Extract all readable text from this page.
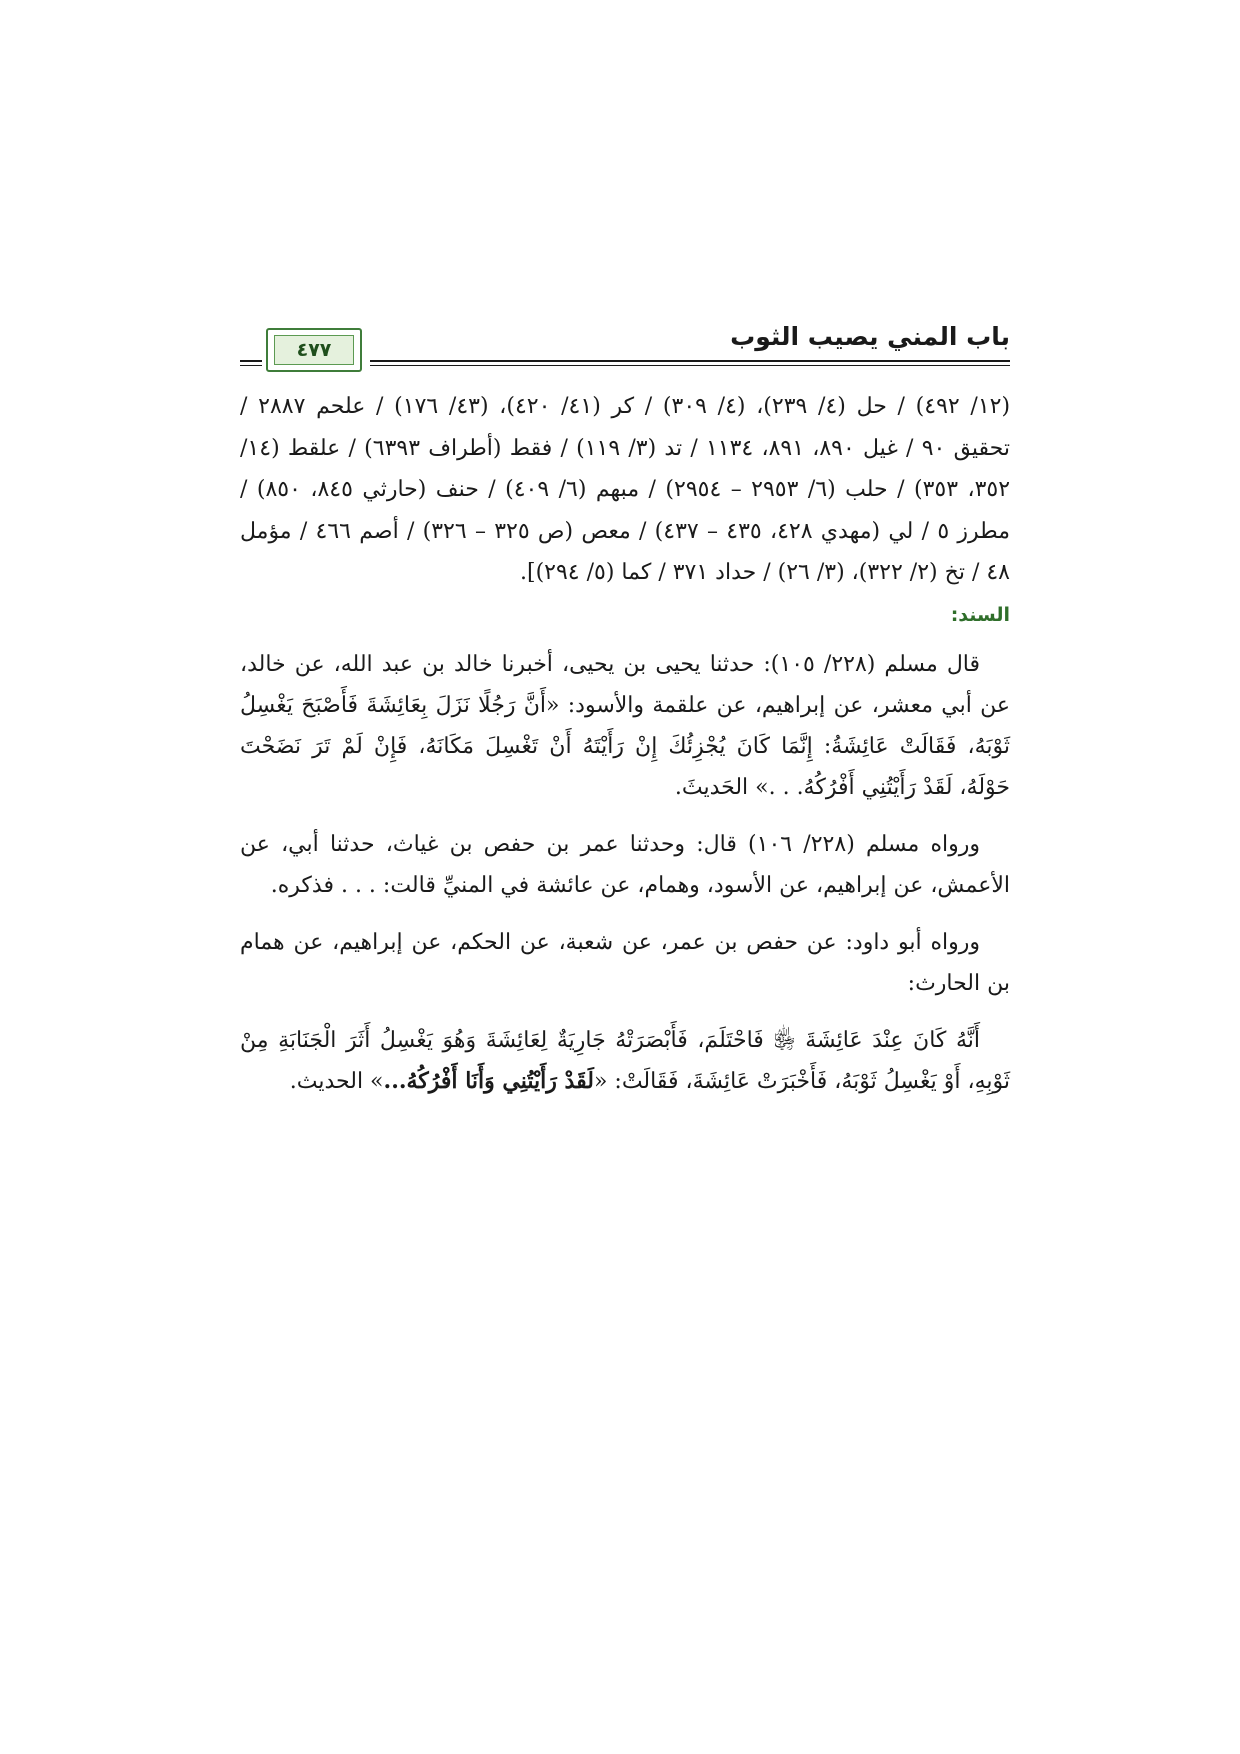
باب المني يصيب الثوب
٤٧٧
(١٢/ ٤٩٢) / حل (٤/ ٢٣٩)، (٤/ ٣٠٩) / كر (٤١/ ٤٢٠)، (٤٣/ ١٧٦) / علحم ٢٨٨٧ / تحقيق ٩٠ / غيل ٨٩٠، ٨٩١، ١١٣٤ / تد (٣/ ١١٩) / فقط (أطراف ٦٣٩٣) / علقط (١٤/ ٣٥٢، ٣٥٣) / حلب (٦/ ٢٩٥٣ – ٢٩٥٤) / مبهم (٦/ ٤٠٩) / حنف (حارثي ٨٤٥، ٨٥٠) / مطرز ٥ / لي (مهدي ٤٢٨، ٤٣٥ – ٤٣٧) / معص (ص ٣٢٥ – ٣٢٦) / أصم ٤٦٦ / مؤمل ٤٨ / تخ (٢/ ٣٢٢)، (٣/ ٢٦) / حداد ٣٧١ / كما (٥/ ٢٩٤)].
السند:

قال مسلم (٢٢٨/ ١٠٥): حدثنا يحيى بن يحيى، أخبرنا خالد بن عبد الله، عن خالد، عن أبي معشر، عن إبراهيم، عن علقمة والأسود: «أَنَّ رَجُلًا نَزَلَ بِعَائِشَةَ فَأَصْبَحَ يَغْسِلُ ثَوْبَهُ، فَقَالَتْ عَائِشَةُ: إِنَّمَا كَانَ يُجْزِئُكَ إِنْ رَأَيْتَهُ أَنْ تَغْسِلَ مَكَانَهُ، فَإِنْ لَمْ تَرَ نَضَحْتَ حَوْلَهُ، لَقَدْ رَأَيْتُنِي أَفْرُكُهُ. . .» الحَديثَ.

ورواه مسلم (٢٢٨/ ١٠٦) قال: وحدثنا عمر بن حفص بن غياث، حدثنا أبي، عن الأعمش، عن إبراهيم، عن الأسود، وهمام، عن عائشة في المنيِّ قالت: . . . فذكره.

ورواه أبو داود: عن حفص بن عمر، عن شعبة، عن الحكم، عن إبراهيم، عن همام بن الحارث:

أَنَّهُ كَانَ عِنْدَ عَائِشَةَ ﵂ فَاحْتَلَمَ، فَأَبْصَرَتْهُ جَارِيَةٌ لِعَائِشَةَ وَهُوَ يَغْسِلُ أَثَرَ الْجَنَابَةِ مِنْ ثَوْبِهِ، أَوْ يَغْسِلُ ثَوْبَهُ، فَأَخْبَرَتْ عَائِشَةَ، فَقَالَتْ: «لَقَدْ رَأَيْتُنِي وَأَنَا أَفْرُكُهُ...» الحديث.
